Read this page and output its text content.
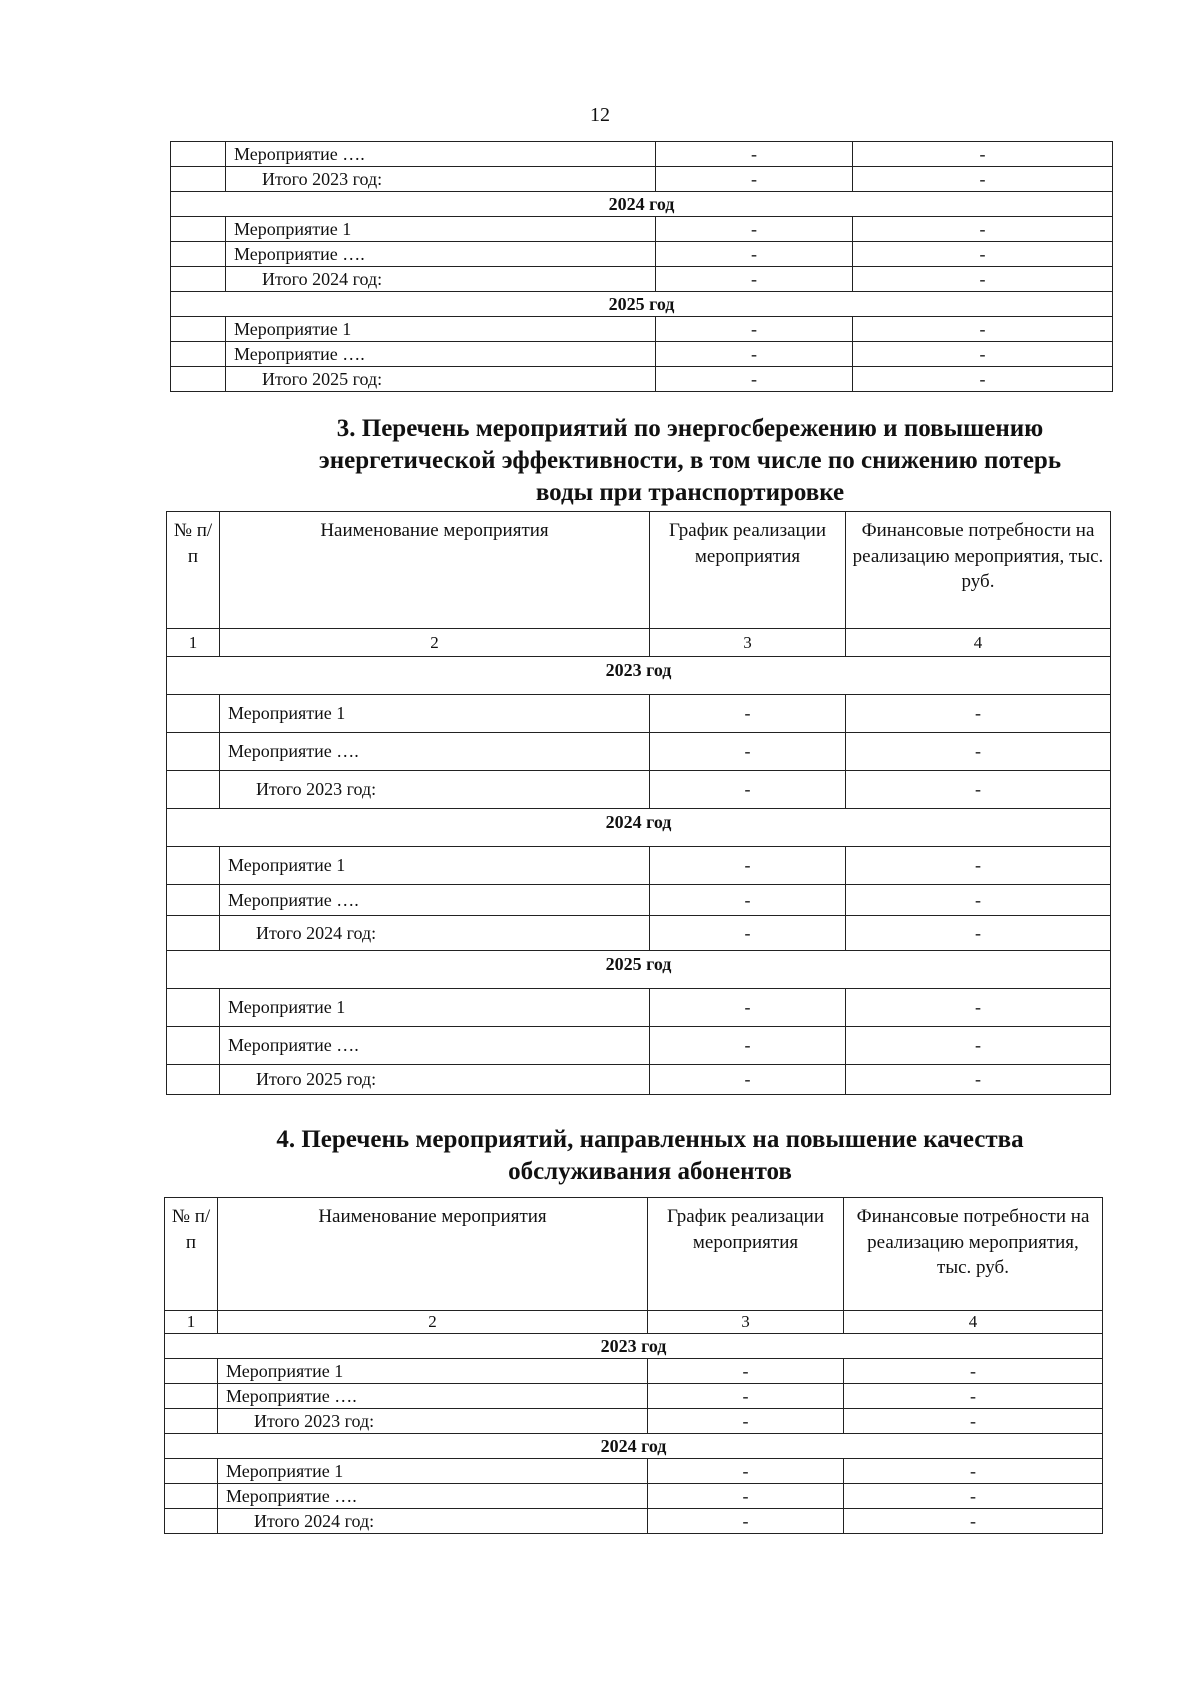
12
	Мероприятие ….	-	-
	Итого 2023 год:	-	-
2024 год			
	Мероприятие 1	-	-
	Мероприятие ….	-	-
	Итого 2024 год:	-	-
2025 год			
	Мероприятие 1	-	-
	Мероприятие ….	-	-
	Итого 2025 год:	-	-
3. Перечень мероприятий по энергосбережению и повышению
энергетической эффективности, в том числе по снижению потерь
воды при транспортировке
№ п/п	Наименование мероприятия	График реализации мероприятия	Финансовые потребности на реализацию мероприятия, тыс. руб.
1	2	3	4
2023 год			
	Мероприятие 1	-	-
	Мероприятие ….	-	-
	Итого 2023 год:	-	-
2024 год			
	Мероприятие 1	-	-
	Мероприятие ….	-	-
	Итого 2024 год:	-	-
2025 год			
	Мероприятие 1	-	-
	Мероприятие ….	-	-
	Итого 2025 год:	-	-
4. Перечень мероприятий, направленных на повышение качества
обслуживания абонентов
№ п/п	Наименование мероприятия	График реализации мероприятия	Финансовые потребности на реализацию мероприятия, тыс. руб.
1	2	3	4
2023 год			
	Мероприятие 1	-	-
	Мероприятие ….	-	-
	Итого 2023 год:	-	-
2024 год			
	Мероприятие 1	-	-
	Мероприятие ….	-	-
	Итого 2024 год:	-	-
